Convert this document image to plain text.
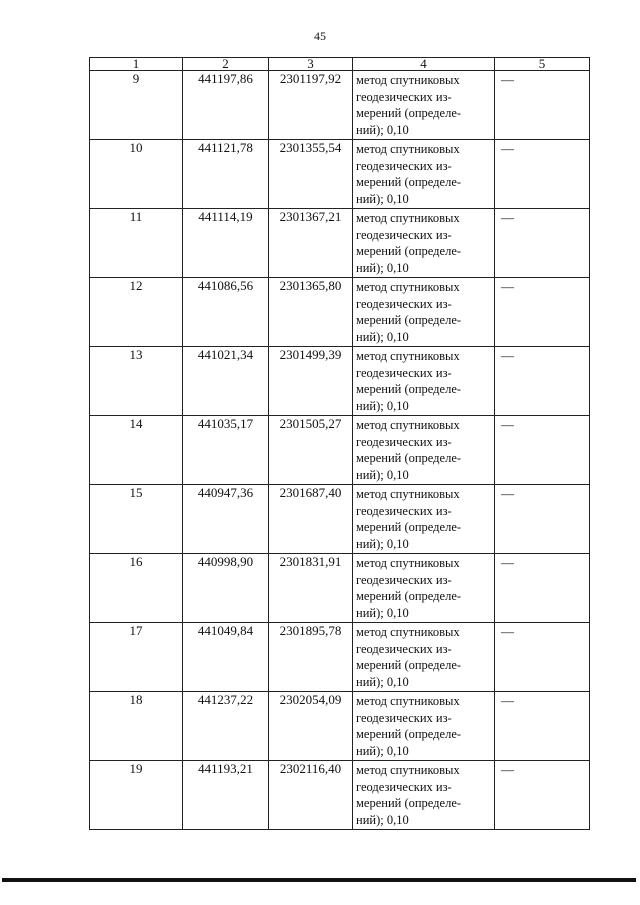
45
1	2	3	4	5
9	441197,86	2301197,92	метод спутниковых
геодезических из-
мерений (определе-
ний); 0,10	—
10	441121,78	2301355,54	метод спутниковых
геодезических из-
мерений (определе-
ний); 0,10	—
11	441114,19	2301367,21	метод спутниковых
геодезических из-
мерений (определе-
ний); 0,10	—
12	441086,56	2301365,80	метод спутниковых
геодезических из-
мерений (определе-
ний); 0,10	—
13	441021,34	2301499,39	метод спутниковых
геодезических из-
мерений (определе-
ний); 0,10	—
14	441035,17	2301505,27	метод спутниковых
геодезических из-
мерений (определе-
ний); 0,10	—
15	440947,36	2301687,40	метод спутниковых
геодезических из-
мерений (определе-
ний); 0,10	—
16	440998,90	2301831,91	метод спутниковых
геодезических из-
мерений (определе-
ний); 0,10	—
17	441049,84	2301895,78	метод спутниковых
геодезических из-
мерений (определе-
ний); 0,10	—
18	441237,22	2302054,09	метод спутниковых
геодезических из-
мерений (определе-
ний); 0,10	—
19	441193,21	2302116,40	метод спутниковых
геодезических из-
мерений (определе-
ний); 0,10	—
